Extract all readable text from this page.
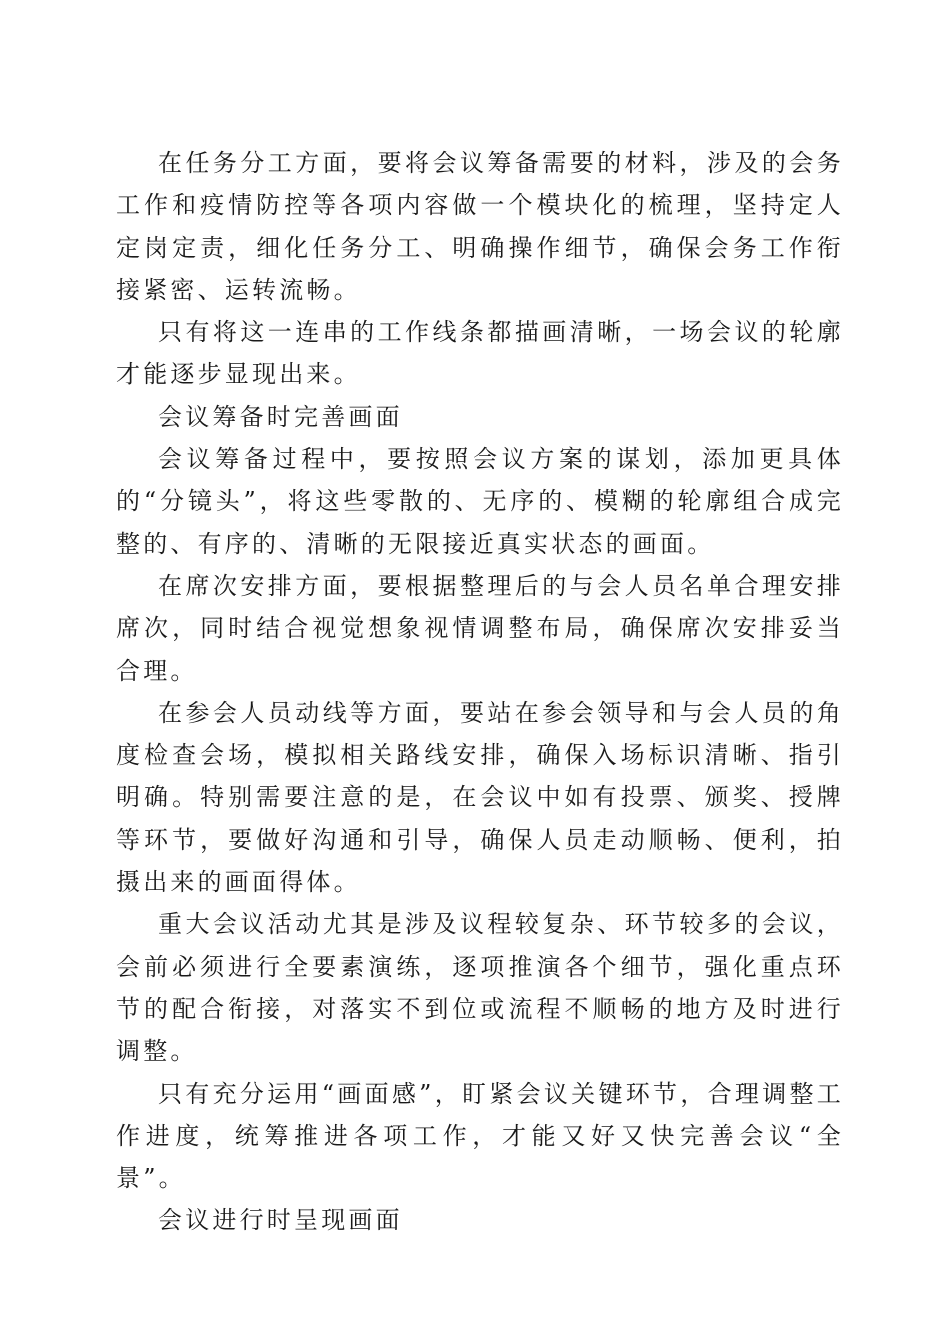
在任务分工方面，要将会议筹备需要的材料，涉及的会务工作和疫情防控等各项内容做一个模块化的梳理，坚持定人定岗定责，细化任务分工、明确操作细节，确保会务工作衔接紧密、运转流畅。

只有将这一连串的工作线条都描画清晰，一场会议的轮廓才能逐步显现出来。

会议筹备时完善画面

会议筹备过程中，要按照会议方案的谋划，添加更具体的“分镜头”，将这些零散的、无序的、模糊的轮廓组合成完整的、有序的、清晰的无限接近真实状态的画面。

在席次安排方面，要根据整理后的与会人员名单合理安排席次，同时结合视觉想象视情调整布局，确保席次安排妥当合理。

在参会人员动线等方面，要站在参会领导和与会人员的角度检查会场，模拟相关路线安排，确保入场标识清晰、指引明确。特别需要注意的是，在会议中如有投票、颁奖、授牌等环节，要做好沟通和引导，确保人员走动顺畅、便利，拍摄出来的画面得体。

重大会议活动尤其是涉及议程较复杂、环节较多的会议，会前必须进行全要素演练，逐项推演各个细节，强化重点环节的配合衔接，对落实不到位或流程不顺畅的地方及时进行调整。

只有充分运用“画面感”，盯紧会议关键环节，合理调整工作进度，统筹推进各项工作，才能又好又快完善会议“全景”。

会议进行时呈现画面
